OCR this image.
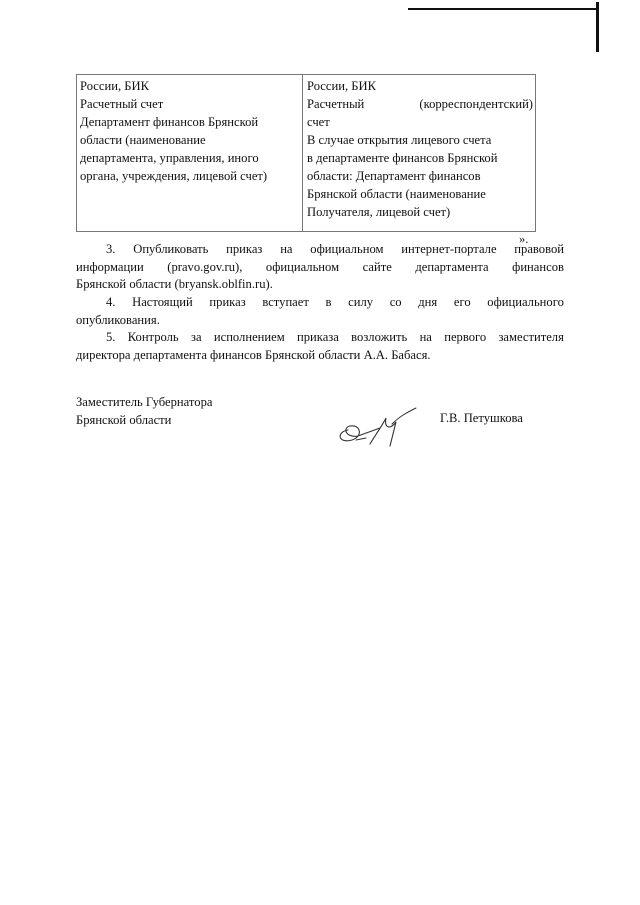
России, БИК
Расчетный счет
Департамент финансов Брянской
области (наименование
департамента, управления, иного
органа, учреждения, лицевой счет)
России, БИК
Расчетный	(корреспондентский)
счет
В случае открытия лицевого счета
в департаменте финансов Брянской
области: Департамент финансов
Брянской области (наименование
Получателя, лицевой счет)
».
3. Опубликовать приказ на официальном интернет-портале правовой
информации (pravo.gov.ru), официальном сайте департамента финансов
Брянской области (bryansk.oblfin.ru).
4. Настоящий приказ вступает в силу со дня его официального
опубликования.
5. Контроль за исполнением приказа возложить на первого заместителя
директора департамента финансов Брянской области А.А. Бабася.
Заместитель Губернатора
Брянской области	Г.В. Петушкова
